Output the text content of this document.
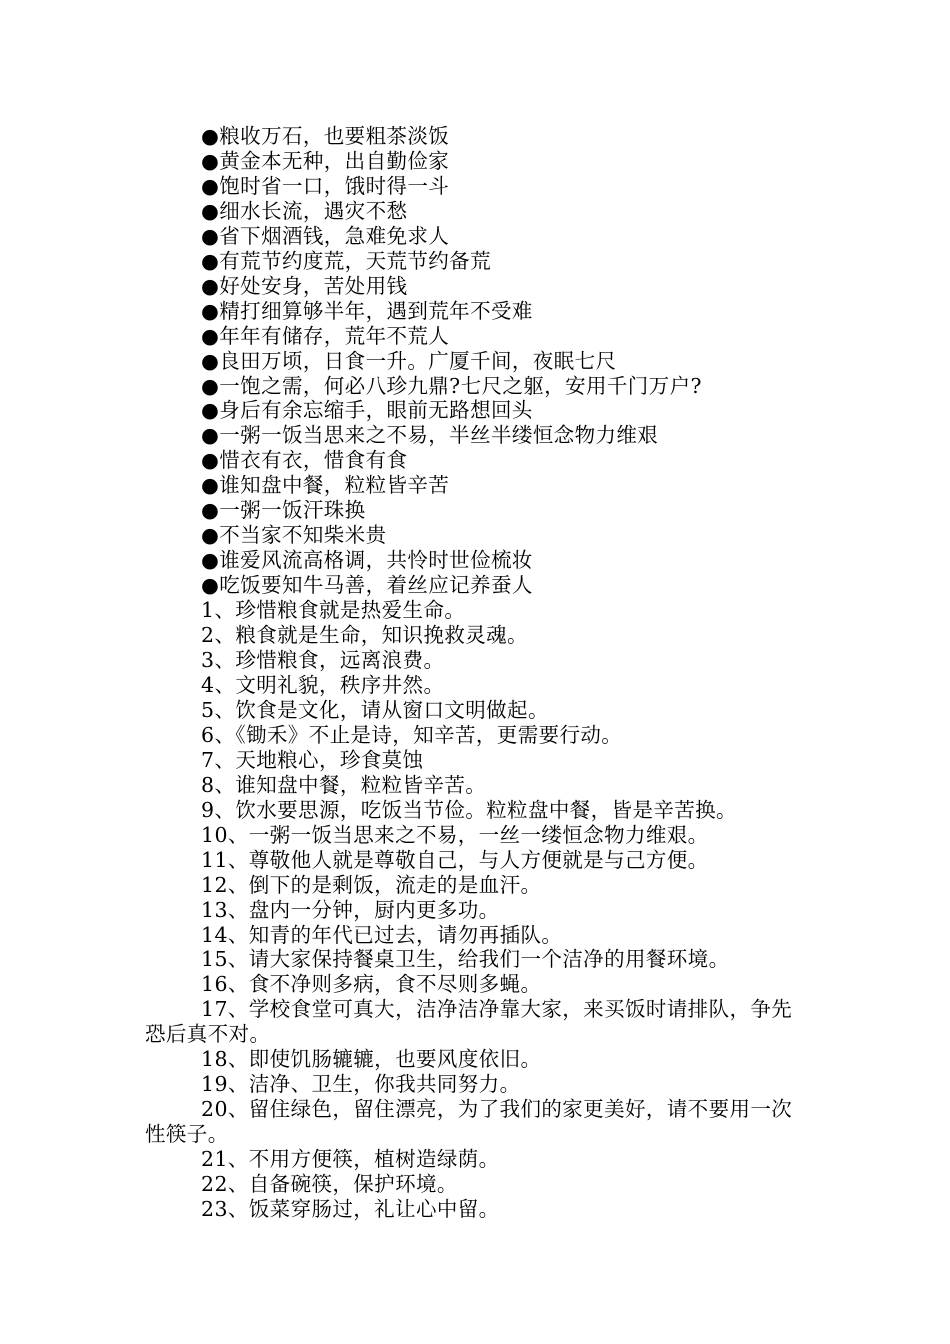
●粮收万石，也要粗茶淡饭

●黄金本无种，出自勤俭家

●饱时省一口，饿时得一斗

●细水长流，遇灾不愁

●省下烟酒钱，急难免求人

●有荒节约度荒，天荒节约备荒

●好处安身，苦处用钱

●精打细算够半年，遇到荒年不受难

●年年有储存，荒年不荒人

●良田万顷，日食一升。广厦千间，夜眠七尺

●一饱之需，何必八珍九鼎?七尺之躯，安用千门万户?

●身后有余忘缩手，眼前无路想回头

●一粥一饭当思来之不易，半丝半缕恒念物力维艰

●惜衣有衣，惜食有食

●谁知盘中餐，粒粒皆辛苦

●一粥一饭汗珠换

●不当家不知柴米贵

●谁爱风流高格调，共怜时世俭梳妆

●吃饭要知牛马善，着丝应记养蚕人

1、珍惜粮食就是热爱生命。

2、粮食就是生命，知识挽救灵魂。

3、珍惜粮食，远离浪费。

4、文明礼貌，秩序井然。

5、饮食是文化，请从窗口文明做起。

6、《锄禾》不止是诗，知辛苦，更需要行动。

7、天地粮心，珍食莫蚀

8、谁知盘中餐，粒粒皆辛苦。

9、饮水要思源，吃饭当节俭。粒粒盘中餐，皆是辛苦换。

10、一粥一饭当思来之不易，一丝一缕恒念物力维艰。

11、尊敬他人就是尊敬自己，与人方便就是与己方便。

12、倒下的是剩饭，流走的是血汗。

13、盘内一分钟，厨内更多功。

14、知青的年代已过去，请勿再插队。

15、请大家保持餐桌卫生，给我们一个洁净的用餐环境。

16、食不净则多病，食不尽则多蝇。

17、学校食堂可真大，洁净洁净靠大家，来买饭时请排队，争先恐后真不对。

18、即使饥肠辘辘，也要风度依旧。

19、洁净、卫生，你我共同努力。

20、留住绿色，留住漂亮，为了我们的家更美好，请不要用一次性筷子。

21、不用方便筷，植树造绿荫。

22、自备碗筷，保护环境。

23、饭菜穿肠过，礼让心中留。
